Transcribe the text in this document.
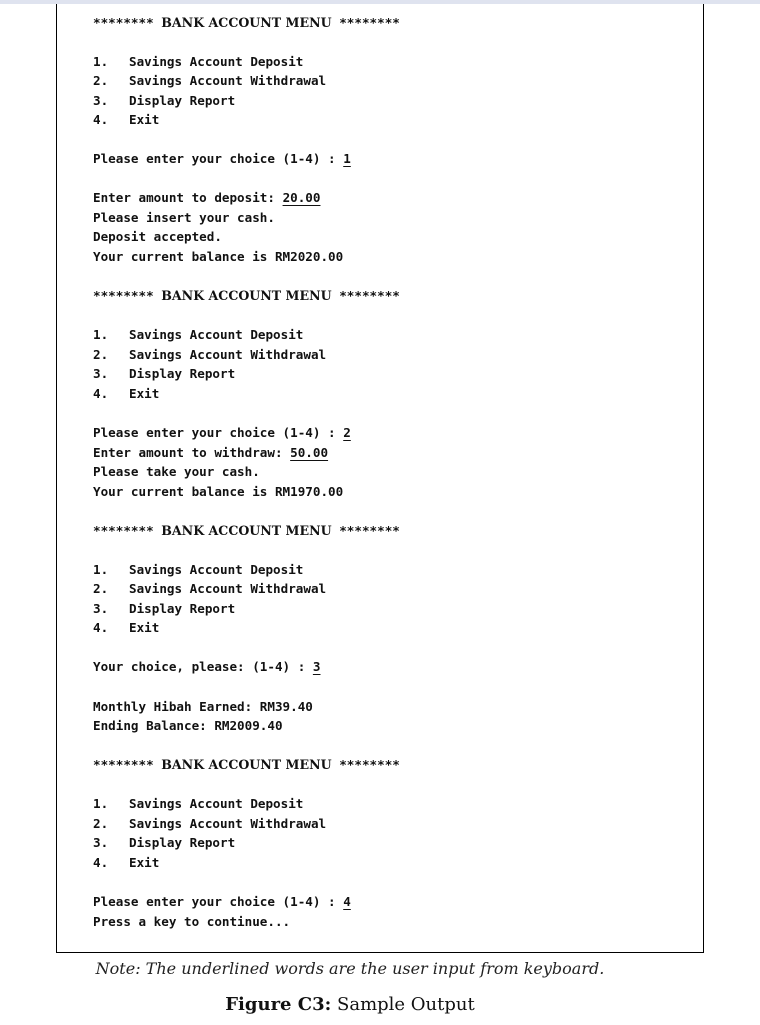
******** BANK ACCOUNT MENU ********
1. Savings Account Deposit
2. Savings Account Withdrawal
3. Display Report
4. Exit
Please enter your choice (1-4) : 1
Enter amount to deposit: 20.00
Please insert your cash.
Deposit accepted.
Your current balance is RM2020.00
******** BANK ACCOUNT MENU ********
1. Savings Account Deposit
2. Savings Account Withdrawal
3. Display Report
4. Exit
Please enter your choice (1-4) : 2
Enter amount to withdraw: 50.00
Please take your cash.
Your current balance is RM1970.00
******** BANK ACCOUNT MENU ********
1. Savings Account Deposit
2. Savings Account Withdrawal
3. Display Report
4. Exit
Your choice, please: (1-4) : 3
Monthly Hibah Earned: RM39.40
Ending Balance: RM2009.40
******** BANK ACCOUNT MENU ********
1. Savings Account Deposit
2. Savings Account Withdrawal
3. Display Report
4. Exit
Please enter your choice (1-4) : 4
Press a key to continue...
Note: The underlined words are the user input from keyboard.
Figure C3: Sample Output
